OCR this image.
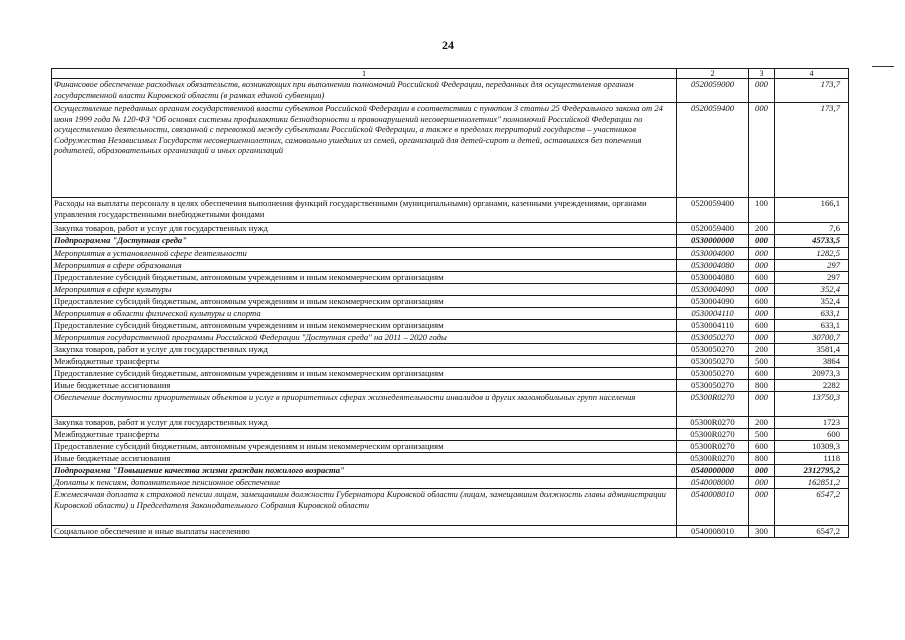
24
1	2	3	4
Финансовое обеспечение расходных обязательств, возникающих при выполнении полномочий Российской Федерации, переданных для осуществления органам государственной власти Кировской области (в рамках единой субвенции)	0520059000	000	173,7
Осуществление переданных органам государственной власти субъектов Российской Федерации в соответствии с пунктом 3 статьи 25 Федерального закона от 24 июня 1999 года № 120-ФЗ "Об основах системы профилактики безнадзорности и правонарушений несовершеннолетних" полномочий Российской Федерации по осуществлению деятельности, связанной с перевозкой между субъектами Российской Федерации, а также в пределах территорий государств – участников Содружества Независимых Государств несовершеннолетних, самовольно ушедших из семей, организаций для детей-сирот и детей, оставшихся без попечения родителей, образовательных организаций и иных организаций	0520059400	000	173,7
Расходы на выплаты персоналу в целях обеспечения выполнения функций государственными (муниципальными) органами, казенными учреждениями, органами управления государственными внебюджетными фондами	0520059400	100	166,1
Закупка товаров, работ и услуг для государственных нужд	0520059400	200	7,6
Подпрограмма "Доступная среда"	0530000000	000	45733,5
Мероприятия в установленной сфере деятельности	0530004000	000	1282,5
Мероприятия в сфере образования	0530004080	000	297
Предоставление субсидий бюджетным, автономным учреждениям и иным некоммерческим организациям	0530004080	600	297
Мероприятия в сфере культуры	0530004090	000	352,4
Предоставление субсидий бюджетным, автономным учреждениям и иным некоммерческим организациям	0530004090	600	352,4
Мероприятия в области физической культуры и спорта	0530004110	000	633,1
Предоставление субсидий бюджетным, автономным учреждениям и иным некоммерческим организациям	0530004110	600	633,1
Мероприятия государственной программы Российской Федерации "Доступная среда" на 2011 – 2020 годы	0530050270	000	30700,7
Закупка товаров, работ и услуг для государственных нужд	0530050270	200	3581,4
Межбюджетные трансферты	0530050270	500	3864
Предоставление субсидий бюджетным, автономным учреждениям и иным некоммерческим организациям	0530050270	600	20973,3
Иные бюджетные ассигнования	0530050270	800	2282
Обеспечение доступности приоритетных объектов и услуг в приоритетных сферах жизнедеятельности инвалидов и других маломобильных групп населения	05300R0270	000	13750,3
Закупка товаров, работ и услуг для государственных нужд	05300R0270	200	1723
Межбюджетные трансферты	05300R0270	500	600
Предоставление субсидий бюджетным, автономным учреждениям и иным некоммерческим организациям	05300R0270	600	10309,3
Иные бюджетные ассигнования	05300R0270	800	1118
Подпрограмма "Повышение качества жизни граждан пожилого возраста"	0540000000	000	2312795,2
Доплаты к пенсиям, дополнительное пенсионное обеспечение	0540008000	000	162851,2
Ежемесячная доплата к страховой пенсии лицам, замещавшим должности Губернатора Кировской области (лицам, замещавшим должность главы администрации Кировской области) и Председателя Законодательного Собрания Кировской области	0540008010	000	6547,2
Социальное обеспечение и иные выплаты населению	0540008010	300	6547,2
